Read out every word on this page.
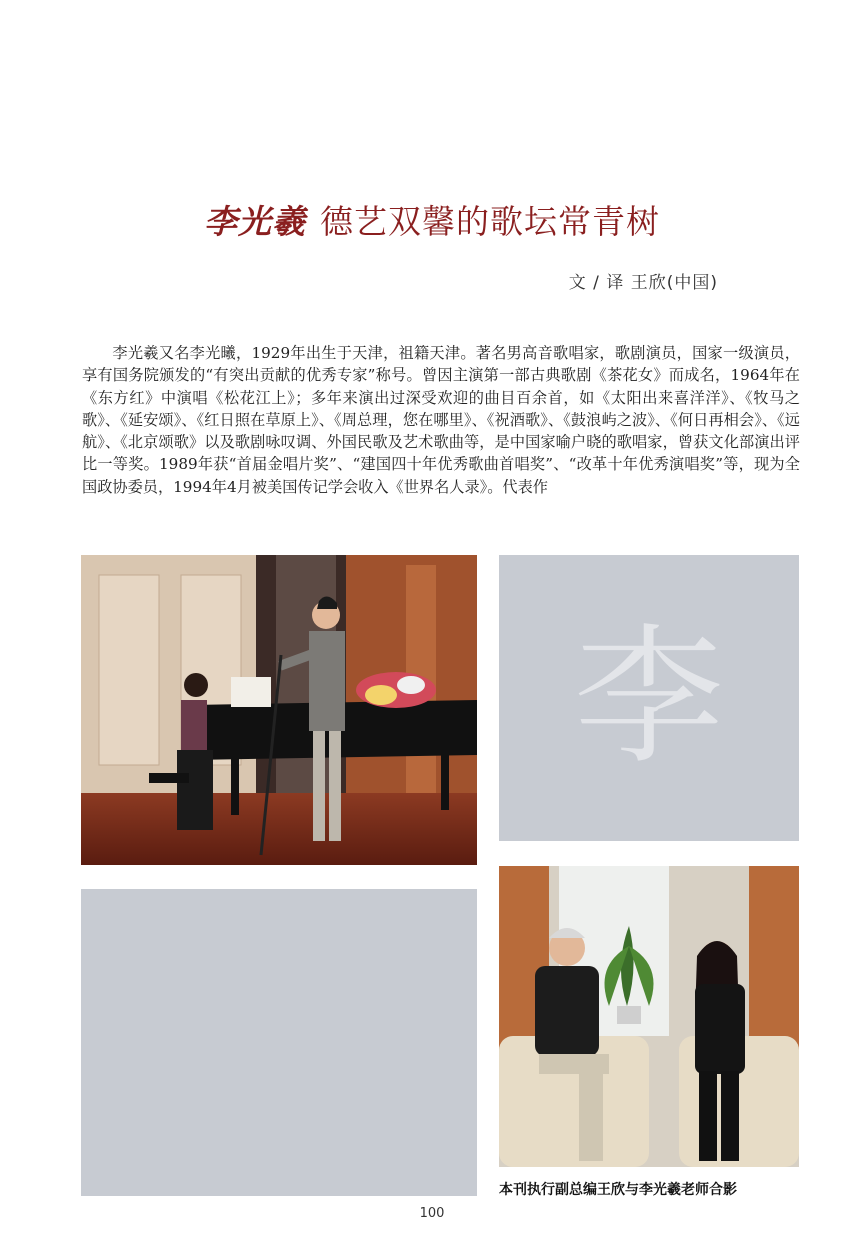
李光羲 德艺双馨的歌坛常青树
文 / 译 王欣(中国)
李光羲又名李光曦，1929年出生于天津，祖籍天津。著名男高音歌唱家，歌剧演员，国家一级演员，享有国务院颁发的“有突出贡献的优秀专家”称号。曾因主演第一部古典歌剧《茶花女》而成名，1964年在《东方红》中演唱《松花江上》；多年来演出过深受欢迎的曲目百余首，如《太阳出来喜洋洋》、《牧马之歌》、《延安颂》、《红日照在草原上》、《周总理，您在哪里》、《祝酒歌》、《鼓浪屿之波》、《何日再相会》、《远航》、《北京颂歌》以及歌剧咏叹调、外国民歌及艺术歌曲等，是中国家喻户晓的歌唱家，曾获文化部演出评比一等奖。1989年获“首届金唱片奖”、“建国四十年优秀歌曲首唱奖”、“改革十年优秀演唱奖”等，现为全国政协委员，1994年4月被美国传记学会收入《世界名人录》。代表作
李
本刊执行副总编王欣与李光羲老师合影
100
